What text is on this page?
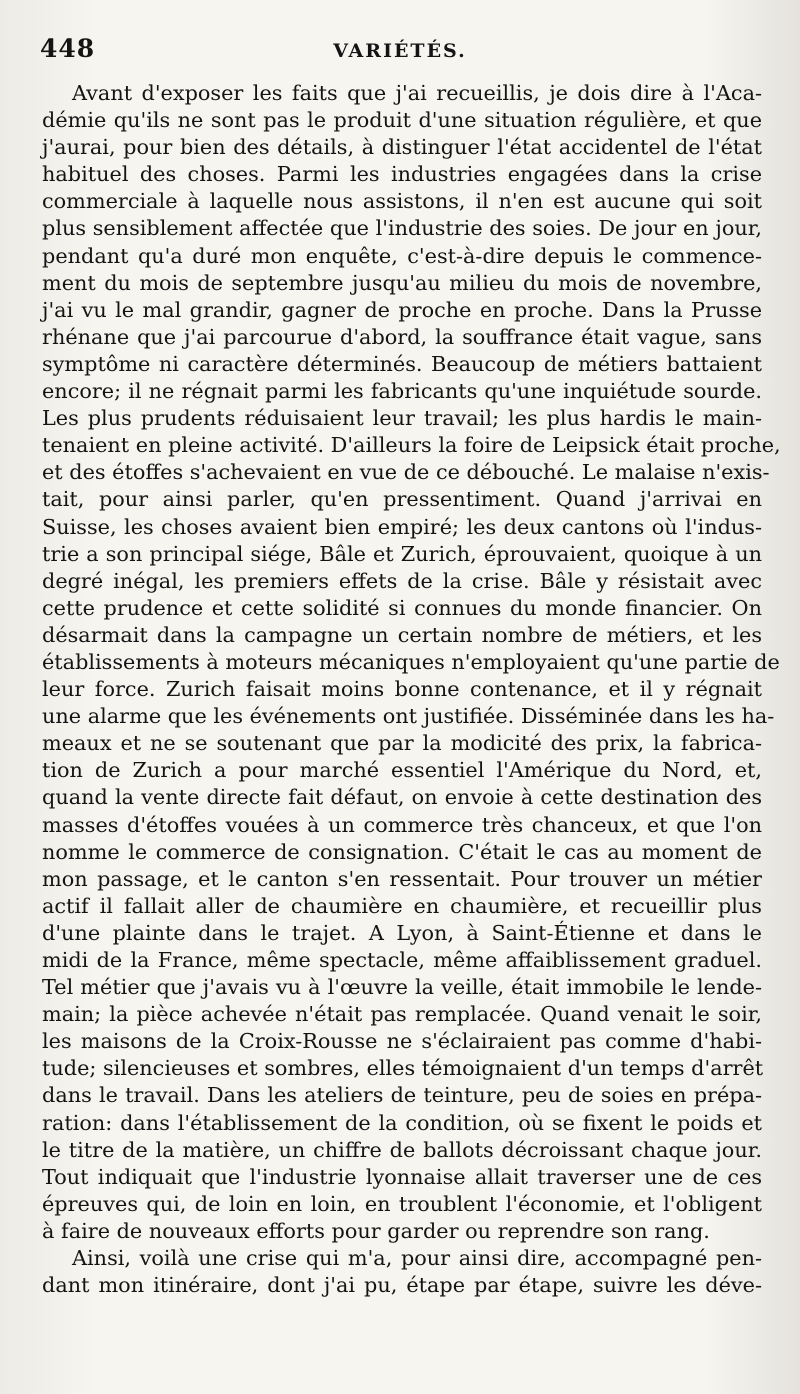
448	VARIÉTÉS.
Avant d'exposer les faits que j'ai recueillis, je dois dire à l'Aca-
démie qu'ils ne sont pas le produit d'une situation régulière, et que
j'aurai, pour bien des détails, à distinguer l'état accidentel de l'état
habituel des choses. Parmi les industries engagées dans la crise
commerciale à laquelle nous assistons, il n'en est aucune qui soit
plus sensiblement affectée que l'industrie des soies. De jour en jour,
pendant qu'a duré mon enquête, c'est-à-dire depuis le commence-
ment du mois de septembre jusqu'au milieu du mois de novembre,
j'ai vu le mal grandir, gagner de proche en proche. Dans la Prusse
rhénane que j'ai parcourue d'abord, la souffrance était vague, sans
symptôme ni caractère déterminés. Beaucoup de métiers battaient
encore; il ne régnait parmi les fabricants qu'une inquiétude sourde.
Les plus prudents réduisaient leur travail; les plus hardis le main-
tenaient en pleine activité. D'ailleurs la foire de Leipsick était proche,
et des étoffes s'achevaient en vue de ce débouché. Le malaise n'exis-
tait, pour ainsi parler, qu'en pressentiment. Quand j'arrivai en
Suisse, les choses avaient bien empiré; les deux cantons où l'indus-
trie a son principal siége, Bâle et Zurich, éprouvaient, quoique à un
degré inégal, les premiers effets de la crise. Bâle y résistait avec
cette prudence et cette solidité si connues du monde financier. On
désarmait dans la campagne un certain nombre de métiers, et les
établissements à moteurs mécaniques n'employaient qu'une partie de
leur force. Zurich faisait moins bonne contenance, et il y régnait
une alarme que les événements ont justifiée. Disséminée dans les ha-
meaux et ne se soutenant que par la modicité des prix, la fabrica-
tion de Zurich a pour marché essentiel l'Amérique du Nord, et,
quand la vente directe fait défaut, on envoie à cette destination des
masses d'étoffes vouées à un commerce très chanceux, et que l'on
nomme le commerce de consignation. C'était le cas au moment de
mon passage, et le canton s'en ressentait. Pour trouver un métier
actif il fallait aller de chaumière en chaumière, et recueillir plus
d'une plainte dans le trajet. A Lyon, à Saint-Étienne et dans le
midi de la France, même spectacle, même affaiblissement graduel.
Tel métier que j'avais vu à l'œuvre la veille, était immobile le lende-
main; la pièce achevée n'était pas remplacée. Quand venait le soir,
les maisons de la Croix-Rousse ne s'éclairaient pas comme d'habi-
tude; silencieuses et sombres, elles témoignaient d'un temps d'arrêt
dans le travail. Dans les ateliers de teinture, peu de soies en prépa-
ration: dans l'établissement de la condition, où se fixent le poids et
le titre de la matière, un chiffre de ballots décroissant chaque jour.
Tout indiquait que l'industrie lyonnaise allait traverser une de ces
épreuves qui, de loin en loin, en troublent l'économie, et l'obligent
à faire de nouveaux efforts pour garder ou reprendre son rang.
Ainsi, voilà une crise qui m'a, pour ainsi dire, accompagné pen-
dant mon itinéraire, dont j'ai pu, étape par étape, suivre les déve-
